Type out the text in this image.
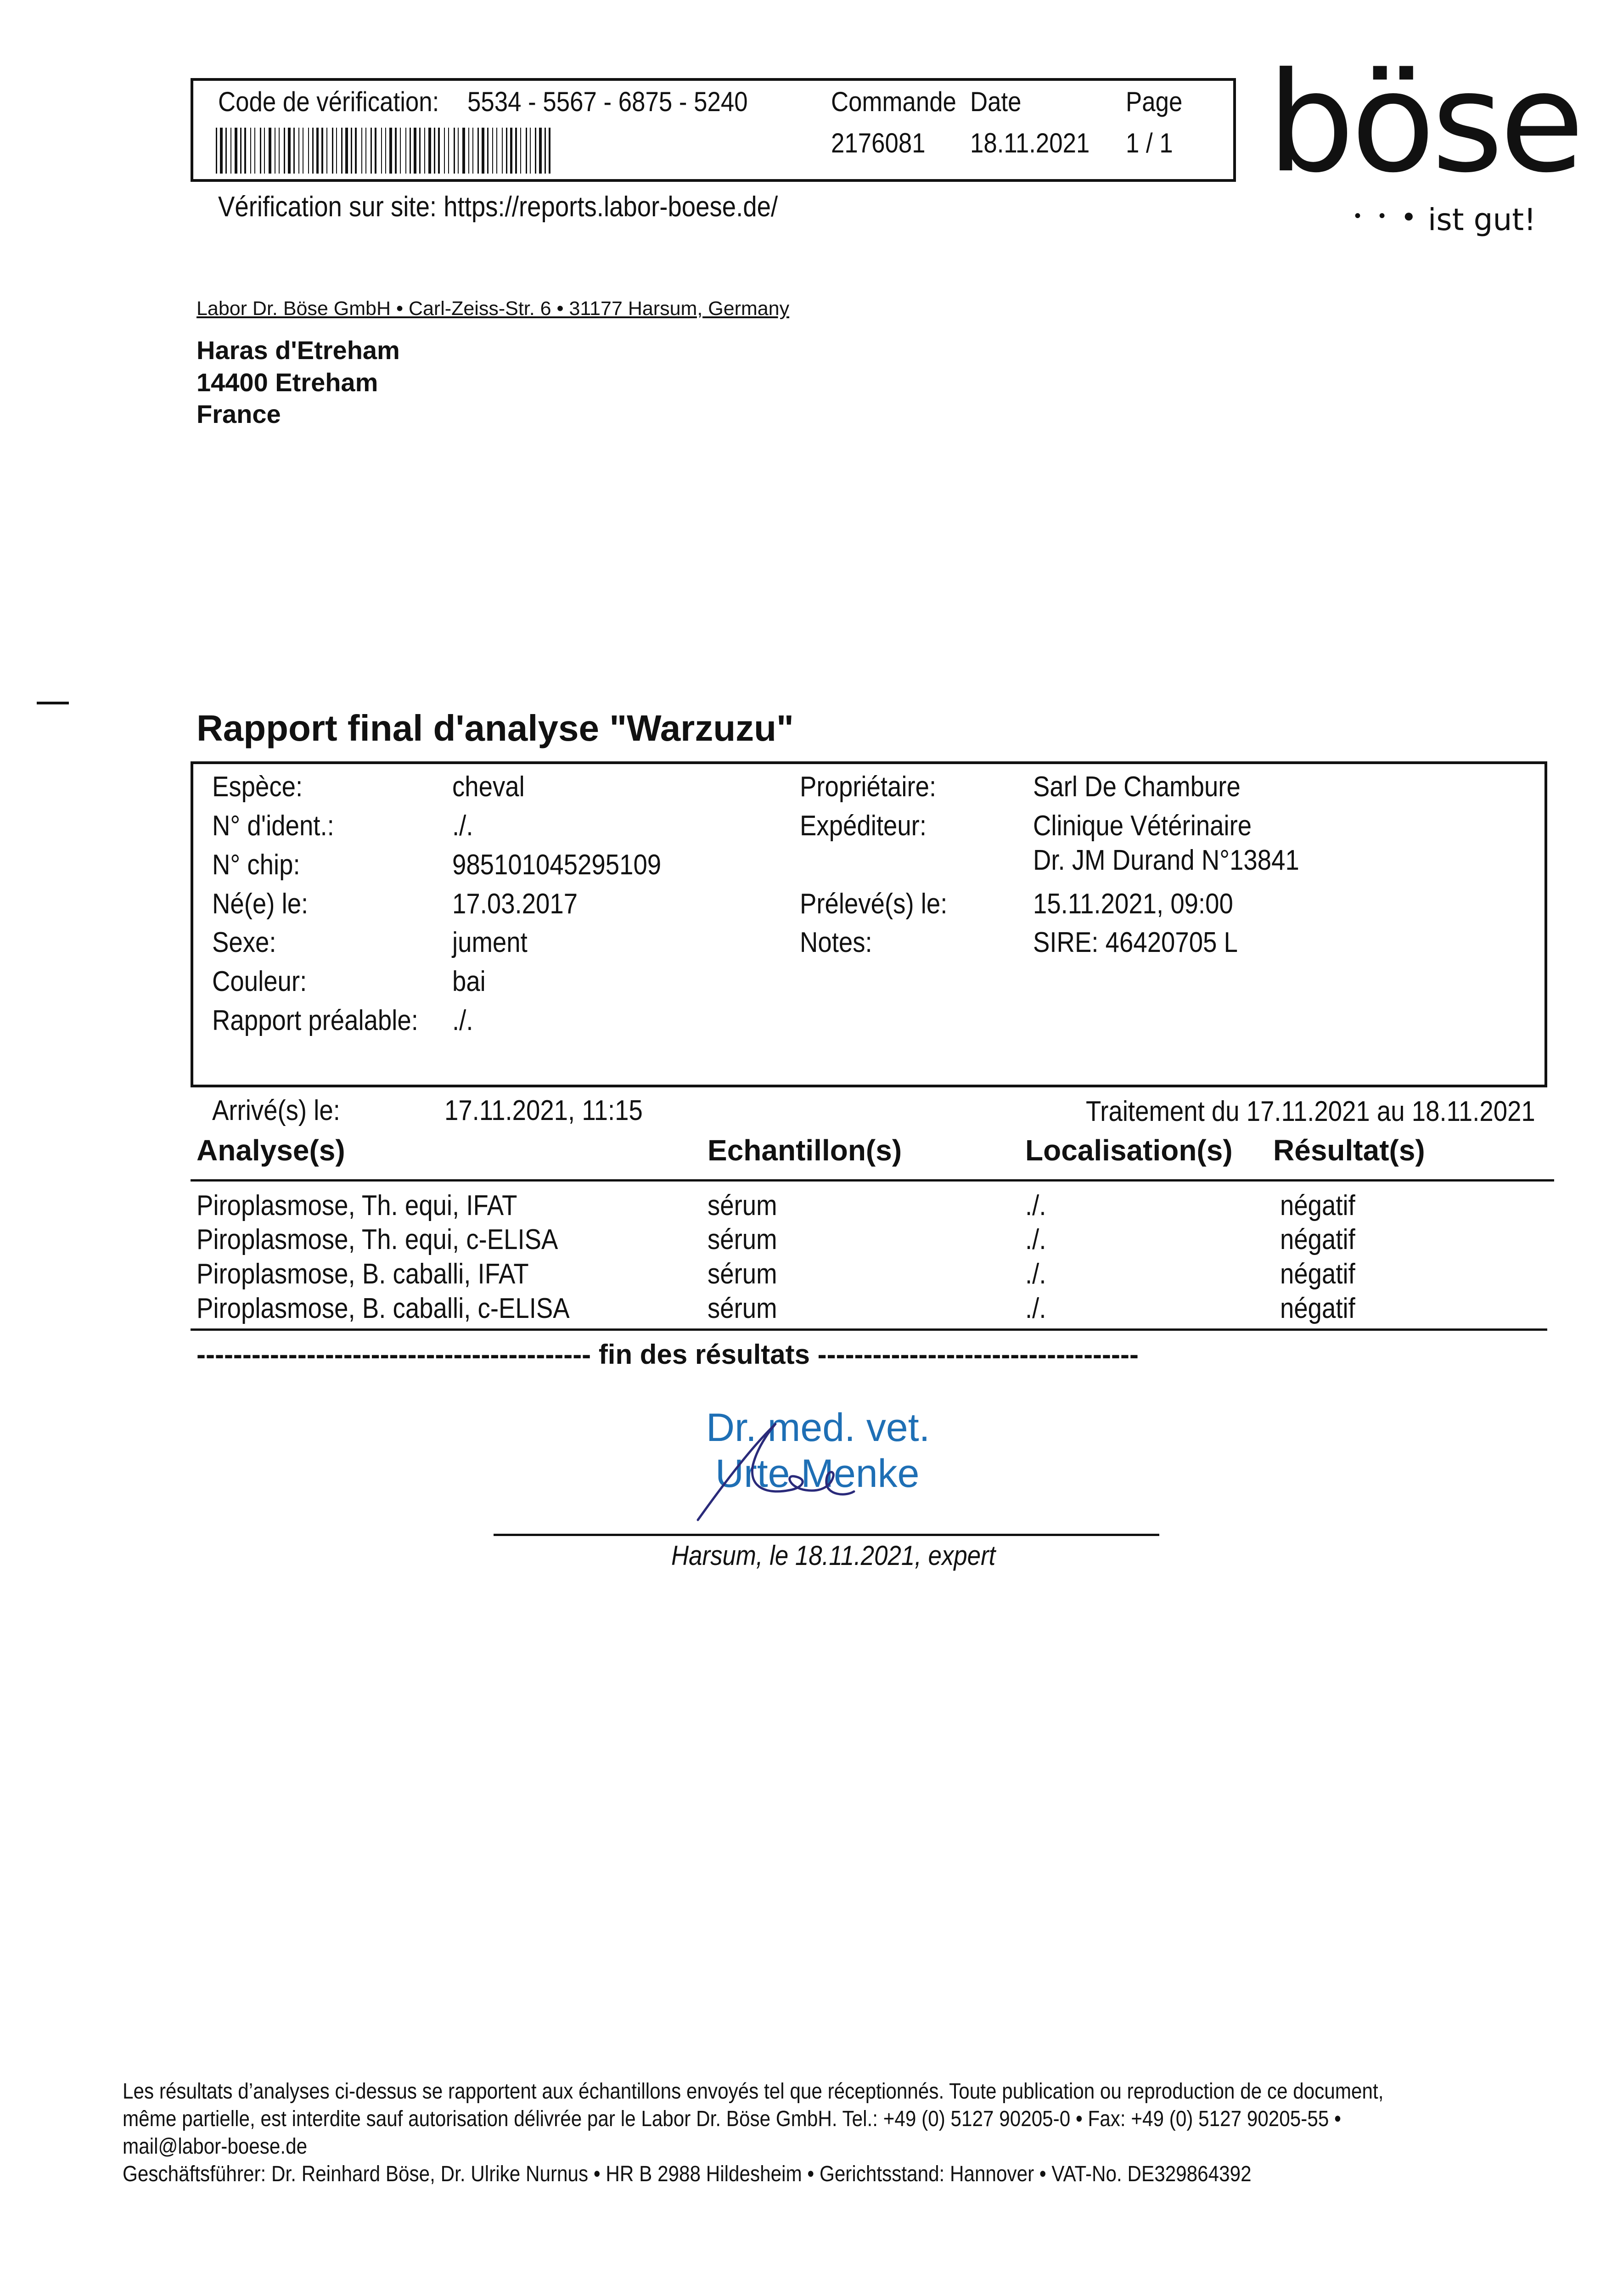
Code de vérification: 5534 - 5567 - 6875 - 5240	Commande Date	Page
2176081 18.11.2021 1 / 1
Vérification sur site: https://reports.labor-boese.de/
böse
• • ● ist gut!
Labor Dr. Böse GmbH • Carl-Zeiss-Str. 6 • 31177 Harsum, Germany
Haras d'Etreham
14400 Etreham
France
Rapport final d'analyse "Warzuzu"
Espèce:	cheval
N° d'ident.:	./.
N° chip:	985101045295109
Né(e) le:	17.03.2017
Sexe:	jument
Couleur:	bai
Rapport préalable: ./.
Propriétaire:	Sarl De Chambure
Expéditeur:	Clinique Vétérinaire
Dr. JM Durand N°13841
Prélevé(s) le:	15.11.2021, 09:00
Notes:	SIRE: 46420705 L
Arrivé(s) le:	17.11.2021, 11:15	Traitement du 17.11.2021 au 18.11.2021
Analyse(s)	Echantillon(s)	Localisation(s) Résultat(s)
Piroplasmose, Th. equi, IFAT	sérum	./.	négatif
Piroplasmose, Th. equi, c-ELISA	sérum	./.	négatif
Piroplasmose, B. caballi, IFAT	sérum	./.	négatif
Piroplasmose, B. caballi, c-ELISA	sérum	./.	négatif
------------------------------------------- fin des résultats -----------------------------------
Dr. med. vet.
Urte Menke
Harsum, le 18.11.2021, expert
Les résultats d’analyses ci-dessus se rapportent aux échantillons envoyés tel que réceptionnés. Toute publication ou reproduction de ce document,
même partielle, est interdite sauf autorisation délivrée par le Labor Dr. Böse GmbH. Tel.: +49 (0) 5127 90205-0 • Fax: +49 (0) 5127 90205-55 •
mail@labor-boese.de
Geschäftsführer: Dr. Reinhard Böse, Dr. Ulrike Nurnus • HR B 2988 Hildesheim • Gerichtsstand: Hannover • VAT-No. DE329864392
